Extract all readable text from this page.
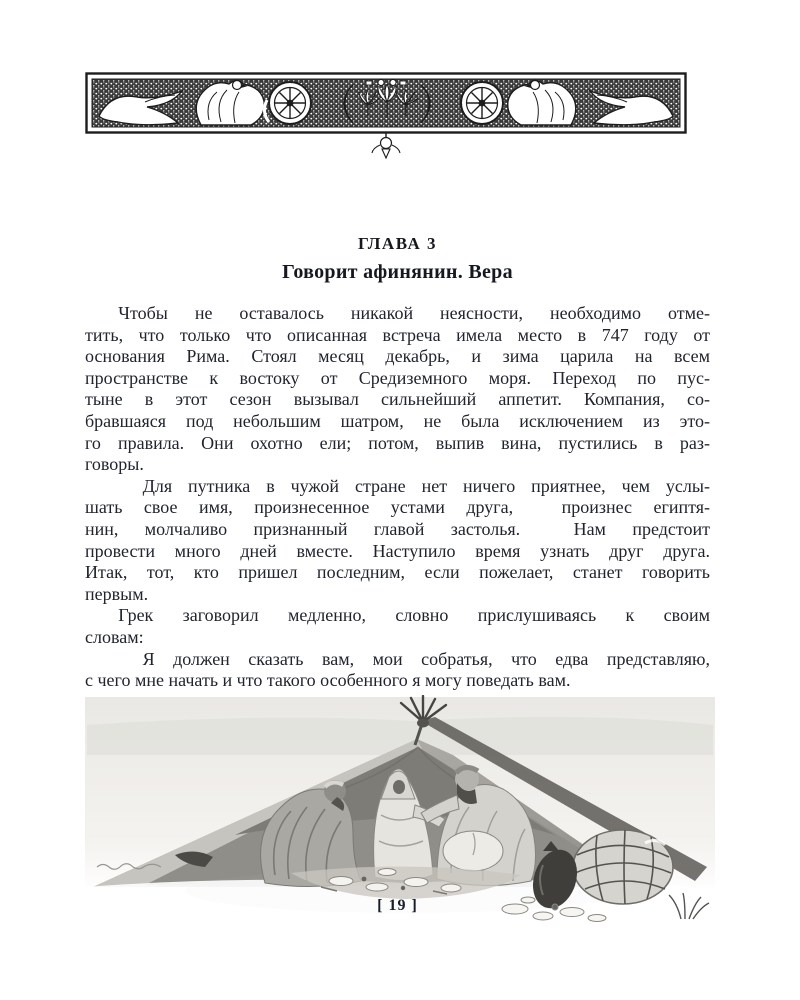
ГЛАВА 3
Говорит афинянин. Вера
Чтобы не оставалось никакой неясности, необходимо отме-
тить, что только что описанная встреча имела место в 747 году от
основания Рима. Стоял месяц декабрь, и зима царила на всем
пространстве к востоку от Средиземного моря. Переход по пус-
тыне в этот сезон вызывал сильнейший аппетит. Компания, со-
бравшаяся под небольшим шатром, не была исключением из это-
го правила. Они охотно ели; потом, выпив вина, пустились в раз-
говоры.
Для путника в чужой стране нет ничего приятнее, чем услы-
шать свое имя, произнесенное устами друга,   произнес египтя-
нин, молчаливо признанный главой застолья.   Нам предстоит
провести много дней вместе. Наступило время узнать друг друга.
Итак, тот, кто пришел последним, если пожелает, станет говорить
первым.
Грек заговорил медленно, словно прислушиваясь к своим
словам:
Я должен сказать вам, мои собратья, что едва представляю,
с чего мне начать и что такого особенного я могу поведать вам.
[ 19 ]
